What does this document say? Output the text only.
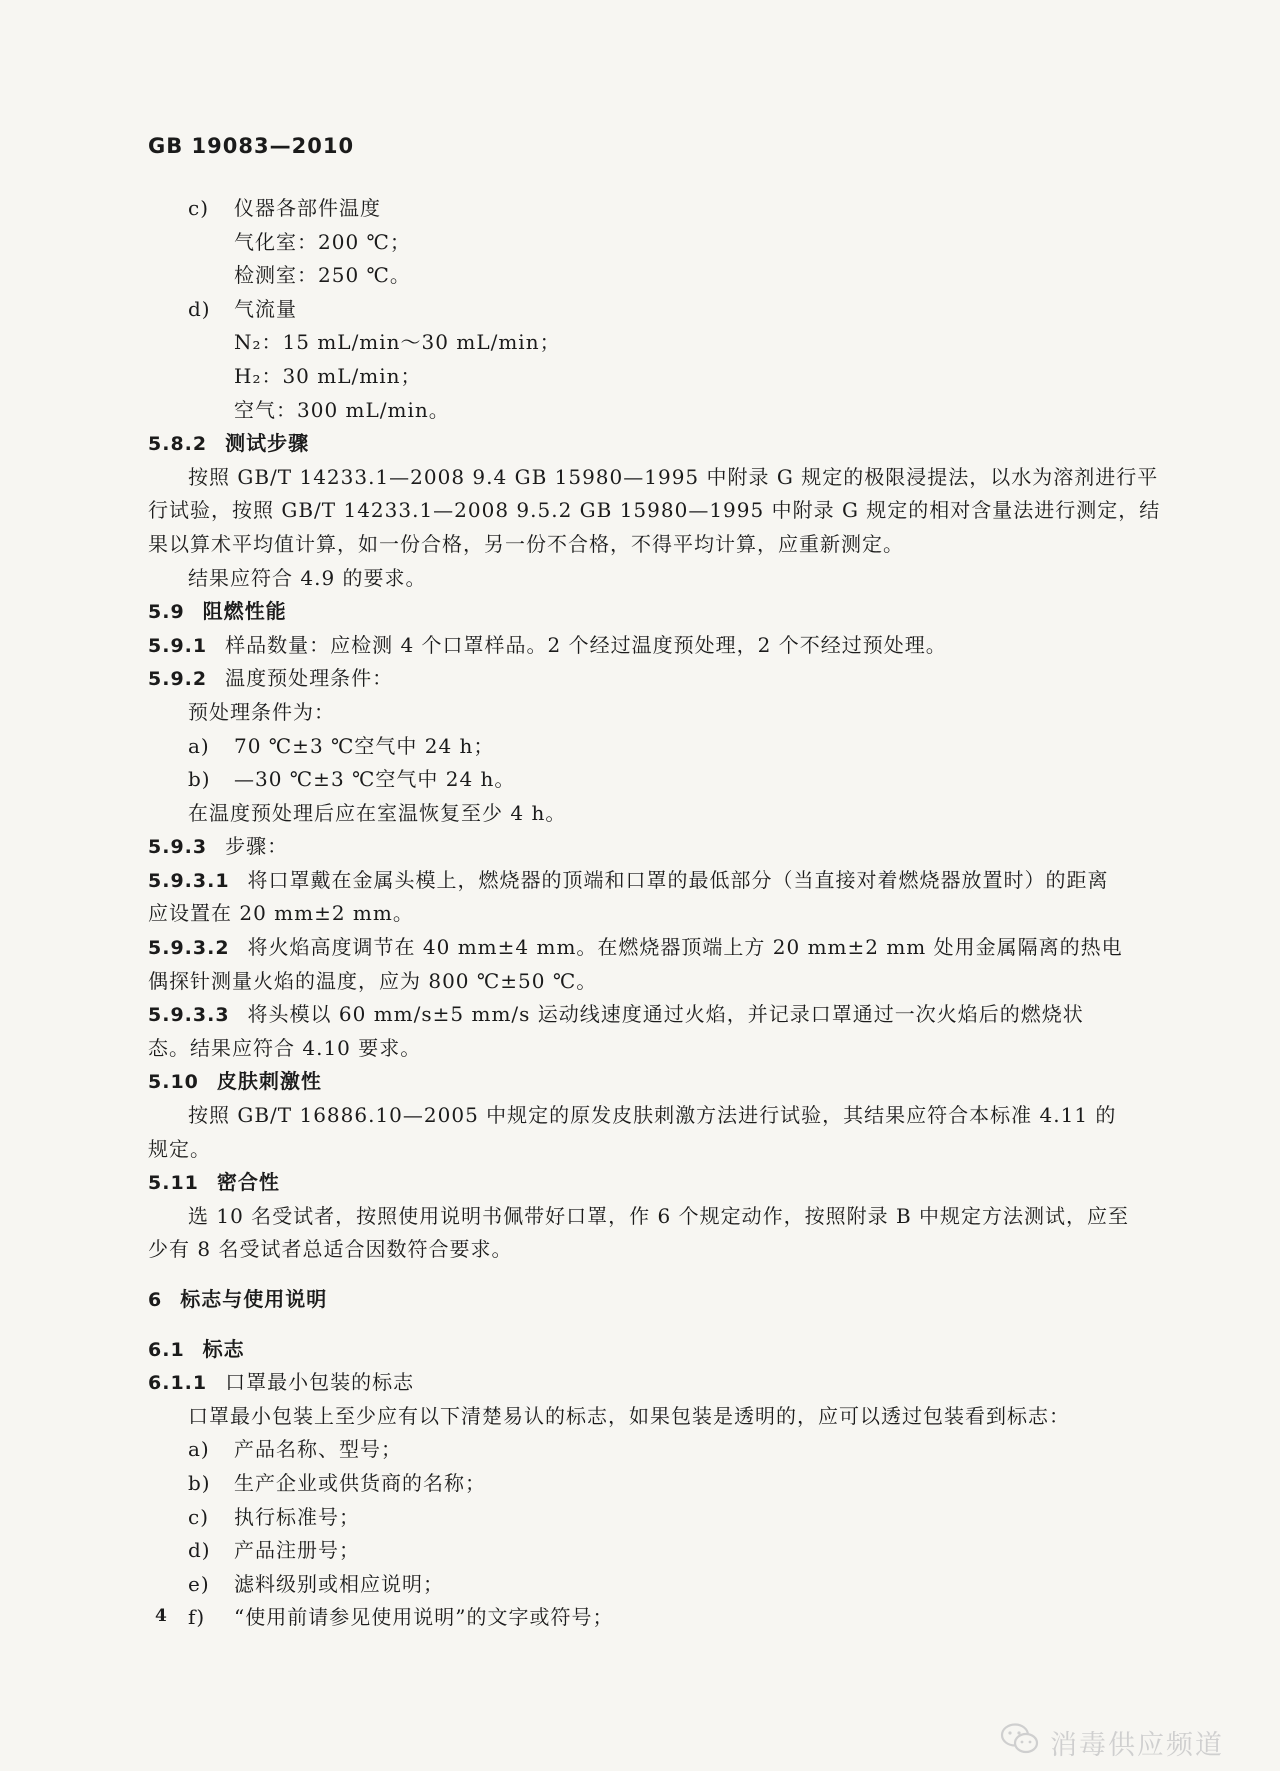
GB 19083—2010
c) 仪器各部件温度
气化室：200 ℃；
检测室：250 ℃。
d) 气流量
N₂：15 mL/min～30 mL/min；
H₂：30 mL/min；
空气：300 mL/min。
5.8.2 测试步骤
按照 GB/T 14233.1—2008 9.4 GB 15980—1995 中附录 G 规定的极限浸提法，以水为溶剂进行平
行试验，按照 GB/T 14233.1—2008 9.5.2 GB 15980—1995 中附录 G 规定的相对含量法进行测定，结
果以算术平均值计算，如一份合格，另一份不合格，不得平均计算，应重新测定。
结果应符合 4.9 的要求。
5.9 阻燃性能
5.9.1 样品数量：应检测 4 个口罩样品。2 个经过温度预处理，2 个不经过预处理。
5.9.2 温度预处理条件：
预处理条件为：
a) 70 ℃±3 ℃空气中 24 h；
b) —30 ℃±3 ℃空气中 24 h。
在温度预处理后应在室温恢复至少 4 h。
5.9.3 步骤：
5.9.3.1 将口罩戴在金属头模上，燃烧器的顶端和口罩的最低部分（当直接对着燃烧器放置时）的距离
应设置在 20 mm±2 mm。
5.9.3.2 将火焰高度调节在 40 mm±4 mm。在燃烧器顶端上方 20 mm±2 mm 处用金属隔离的热电
偶探针测量火焰的温度，应为 800 ℃±50 ℃。
5.9.3.3 将头模以 60 mm/s±5 mm/s 运动线速度通过火焰，并记录口罩通过一次火焰后的燃烧状
态。结果应符合 4.10 要求。
5.10 皮肤刺激性
按照 GB/T 16886.10—2005 中规定的原发皮肤刺激方法进行试验，其结果应符合本标准 4.11 的
规定。
5.11 密合性
选 10 名受试者，按照使用说明书佩带好口罩，作 6 个规定动作，按照附录 B 中规定方法测试，应至
少有 8 名受试者总适合因数符合要求。
6 标志与使用说明
6.1 标志
6.1.1 口罩最小包装的标志
口罩最小包装上至少应有以下清楚易认的标志，如果包装是透明的，应可以透过包装看到标志：
a) 产品名称、型号；
b) 生产企业或供货商的名称；
c) 执行标准号；
d) 产品注册号；
e) 滤料级别或相应说明；
f) “使用前请参见使用说明”的文字或符号；
4
消毒供应频道
